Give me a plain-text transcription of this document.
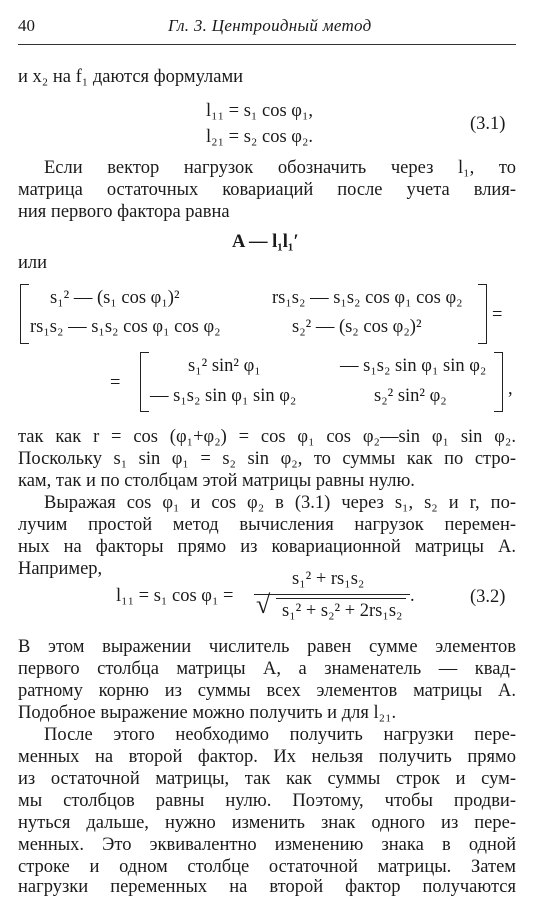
40	Гл. 3. Центроидный метод
и x₂ на f₁ даются формулами
l₁₁ = s₁ cos φ₁,
l₂₁ = s₂ cos φ₂.
(3.1)
Если вектор нагрузок обозначить через l₁, то
матрица остаточных ковариаций после учета влия-
ния первого фактора равна
A — l₁l₁′
или
s₁² — (s₁ cos φ₁)²	rs₁s₂ — s₁s₂ cos φ₁ cos φ₂
rs₁s₂ — s₁s₂ cos φ₁ cos φ₂	s₂² — (s₂ cos φ₂)²
=
=
s₁² sin² φ₁	— s₁s₂ sin φ₁ sin φ₂
— s₁s₂ sin φ₁ sin φ₂	s₂² sin² φ₂	,
так как r = cos (φ₁+φ₂) = cos φ₁ cos φ₂—sin φ₁ sin φ₂.
Поскольку s₁ sin φ₁ = s₂ sin φ₂, то суммы как по стро-
кам, так и по столбцам этой матрицы равны нулю.
Выражая cos φ₁ и cos φ₂ в (3.1) через s₁, s₂ и r, по-
лучим простой метод вычисления нагрузок перемен-
ных на факторы прямо из ковариационной матрицы A.
Например,
l₁₁ = s₁ cos φ₁ =
s₁² + rs₁s₂
√ s₁² + s₂² + 2rs₁s₂
.	(3.2)
В этом выражении числитель равен сумме элементов
первого столбца матрицы A, а знаменатель — квад-
ратному корню из суммы всех элементов матрицы A.
Подобное выражение можно получить и для l₂₁.
После этого необходимо получить нагрузки пере-
менных на второй фактор. Их нельзя получить прямо
из остаточной матрицы, так как суммы строк и сум-
мы столбцов равны нулю. Поэтому, чтобы продви-
нуться дальше, нужно изменить знак одного из пере-
менных. Это эквивалентно изменению знака в одной
строке и одном столбце остаточной матрицы. Затем
нагрузки переменных на второй фактор получаются
